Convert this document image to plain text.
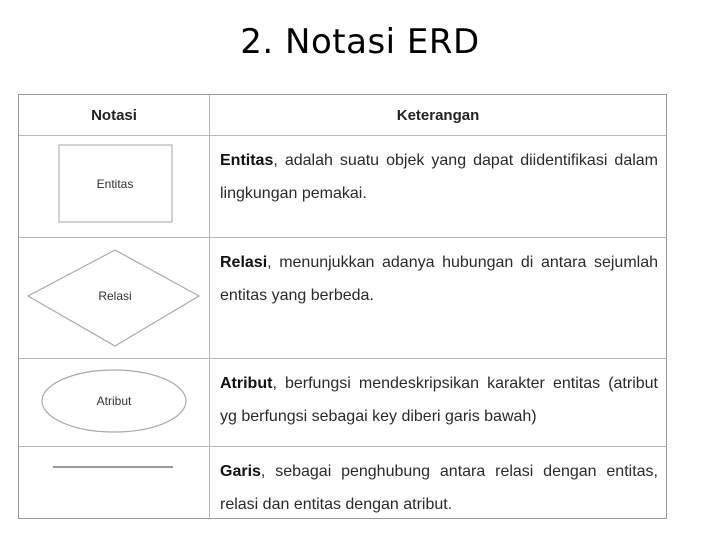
2. Notasi ERD
Notasi	Keterangan
Entitas
Entitas, adalah suatu objek yang dapat diidentifikasi dalam lingkungan pemakai.
Relasi
Relasi, menunjukkan adanya hubungan di antara sejumlah entitas yang berbeda.
Atribut
Atribut, berfungsi mendeskripsikan karakter entitas (atribut yg berfungsi sebagai key diberi garis bawah)
Garis, sebagai penghubung antara relasi dengan entitas, relasi dan entitas dengan atribut.
